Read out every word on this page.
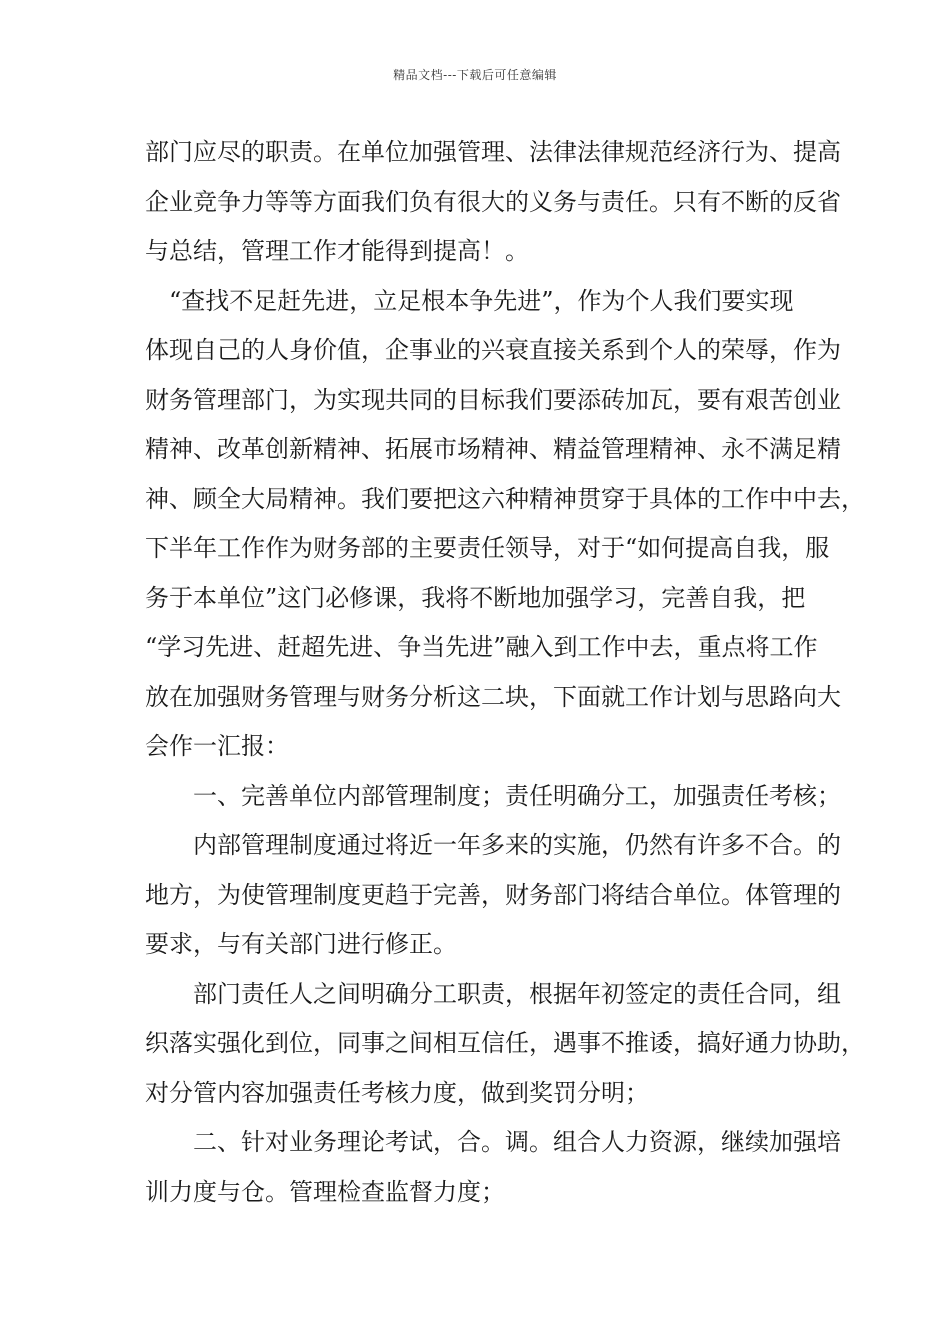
精品文档---下载后可任意编辑
部门应尽的职责。在单位加强管理、法律法律规范经济行为、提高
企业竞争力等等方面我们负有很大的义务与责任。只有不断的反省
与总结，管理工作才能得到提高！。
　“查找不足赶先进，立足根本争先进”，作为个人我们要实现
体现自己的人身价值，企事业的兴衰直接关系到个人的荣辱，作为
财务管理部门，为实现共同的目标我们要添砖加瓦，要有艰苦创业
精神、改革创新精神、拓展市场精神、精益管理精神、永不满足精
神、顾全大局精神。我们要把这六种精神贯穿于具体的工作中中去，
下半年工作作为财务部的主要责任领导，对于“如何提高自我，服
务于本单位”这门必修课，我将不断地加强学习，完善自我，把
“学习先进、赶超先进、争当先进”融入到工作中去，重点将工作
放在加强财务管理与财务分析这二块，下面就工作计划与思路向大
会作一汇报：
　　一、完善单位内部管理制度；责任明确分工，加强责任考核；
　　内部管理制度通过将近一年多来的实施，仍然有许多不合。的
地方，为使管理制度更趋于完善，财务部门将结合单位。体管理的
要求，与有关部门进行修正。
　　部门责任人之间明确分工职责，根据年初签定的责任合同，组
织落实强化到位，同事之间相互信任，遇事不推诿，搞好通力协助，
对分管内容加强责任考核力度，做到奖罚分明；
　　二、针对业务理论考试，合。调。组合人力资源，继续加强培
训力度与仓。管理检查监督力度；
